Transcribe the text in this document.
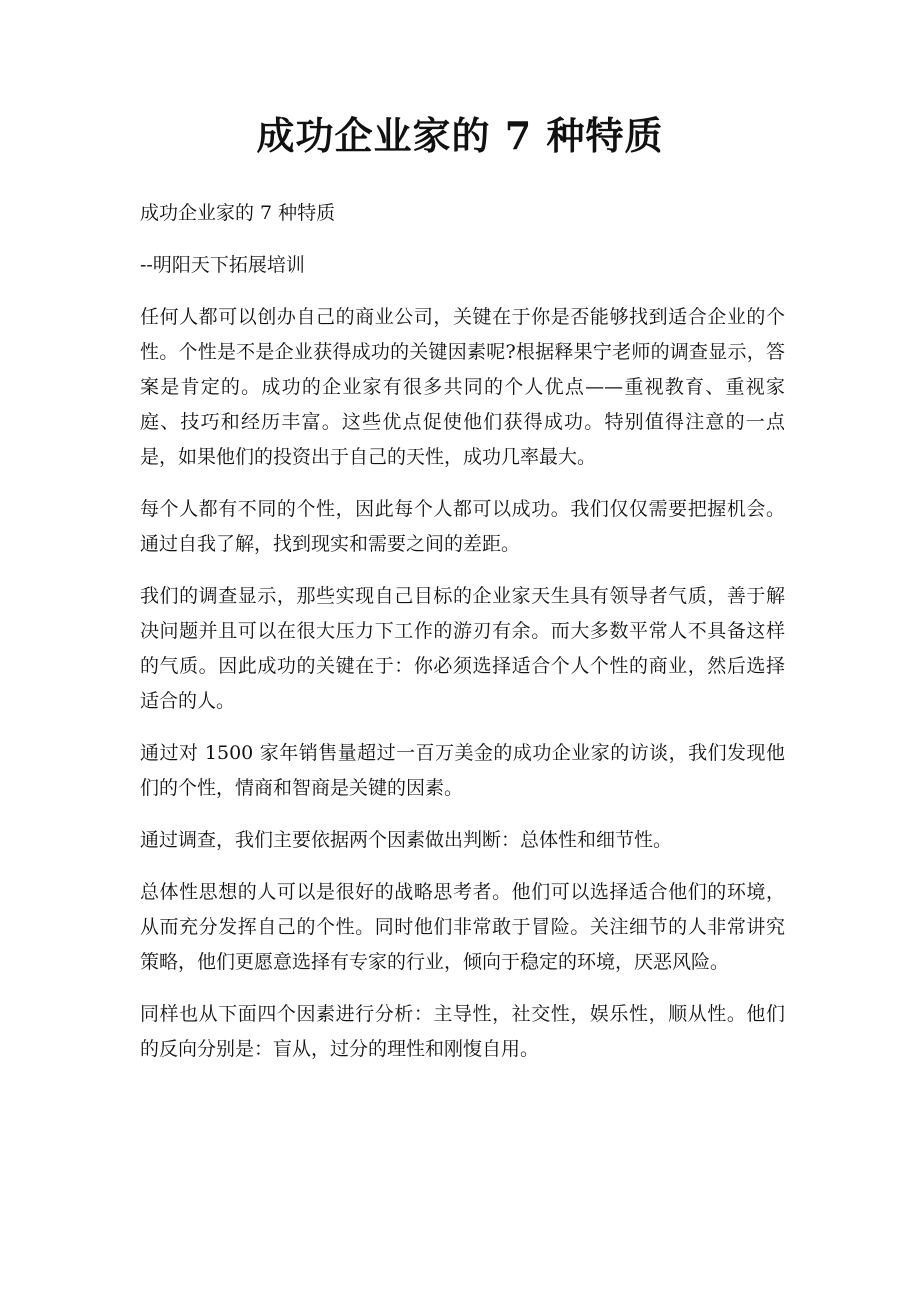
成功企业家的 7 种特质

成功企业家的 7 种特质

--明阳天下拓展培训

任何人都可以创办自己的商业公司，关键在于你是否能够找到适合企业的个性。个性是不是企业获得成功的关键因素呢?根据释果宁老师的调查显示，答案是肯定的。成功的企业家有很多共同的个人优点——重视教育、重视家庭、技巧和经历丰富。这些优点促使他们获得成功。特别值得注意的一点是，如果他们的投资出于自己的天性，成功几率最大。

每个人都有不同的个性，因此每个人都可以成功。我们仅仅需要把握机会。通过自我了解，找到现实和需要之间的差距。

我们的调查显示，那些实现自己目标的企业家天生具有领导者气质，善于解决问题并且可以在很大压力下工作的游刃有余。而大多数平常人不具备这样的气质。因此成功的关键在于：你必须选择适合个人个性的商业，然后选择适合的人。

通过对 1500 家年销售量超过一百万美金的成功企业家的访谈，我们发现他们的个性，情商和智商是关键的因素。

通过调查，我们主要依据两个因素做出判断：总体性和细节性。

总体性思想的人可以是很好的战略思考者。他们可以选择适合他们的环境，从而充分发挥自己的个性。同时他们非常敢于冒险。关注细节的人非常讲究策略，他们更愿意选择有专家的行业，倾向于稳定的环境，厌恶风险。

同样也从下面四个因素进行分析：主导性，社交性，娱乐性，顺从性。他们的反向分别是：盲从，过分的理性和刚愎自用。
